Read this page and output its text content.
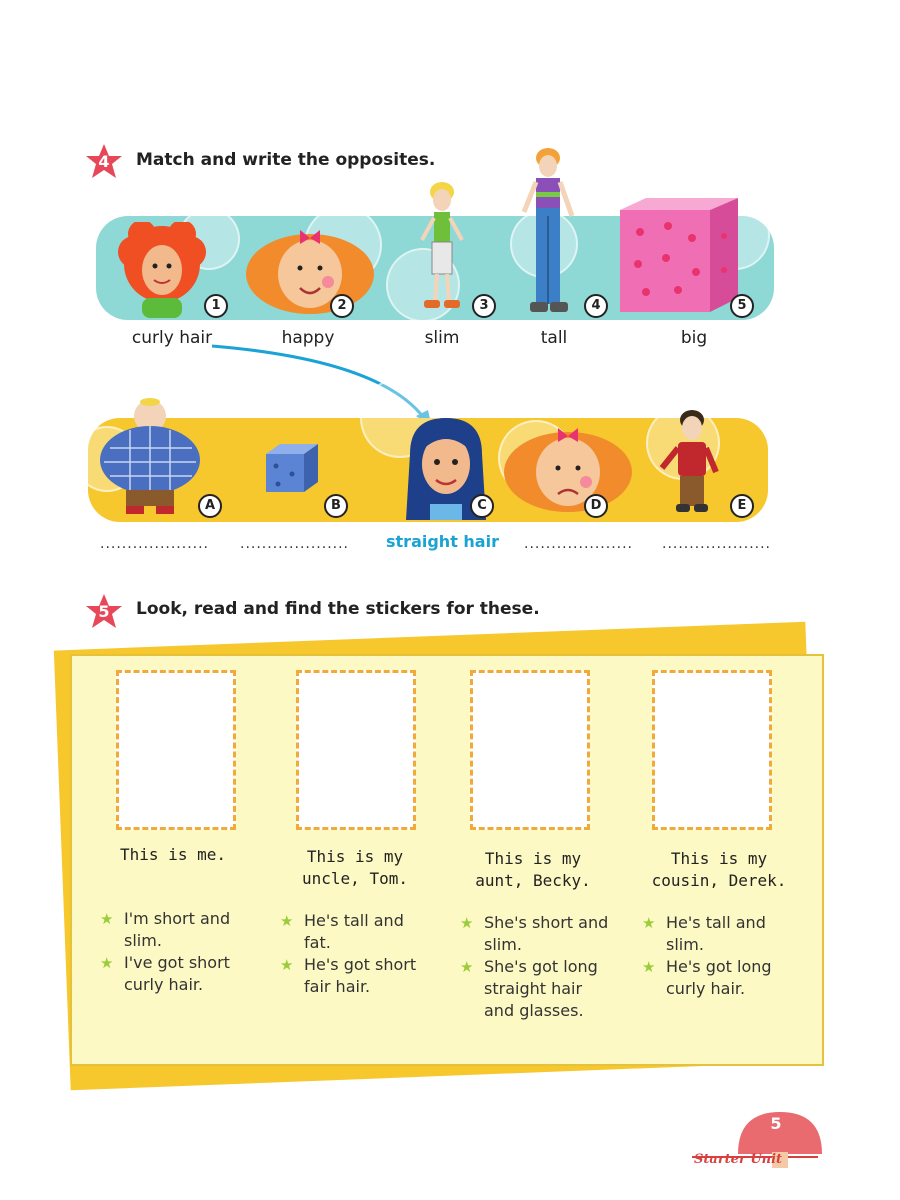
4	Match and write the opposites.
1	2	3	4	5
curly hair	happy	slim	tall	big
A	B	C	D	E
.................... .................... straight hair .................... ....................
5	Look, read and find the stickers for these.
This is me.
★ I'm short and slim.
★ I've got short curly hair.
This is my
uncle, Tom.
★ He's tall and fat.
★ He's got short fair hair.
This is my
aunt, Becky.
★ She's short and slim.
★ She's got long straight hair and glasses.
This is my
cousin, Derek.
★ He's tall and slim.
★ He's got long curly hair.
5
Starter Unit
